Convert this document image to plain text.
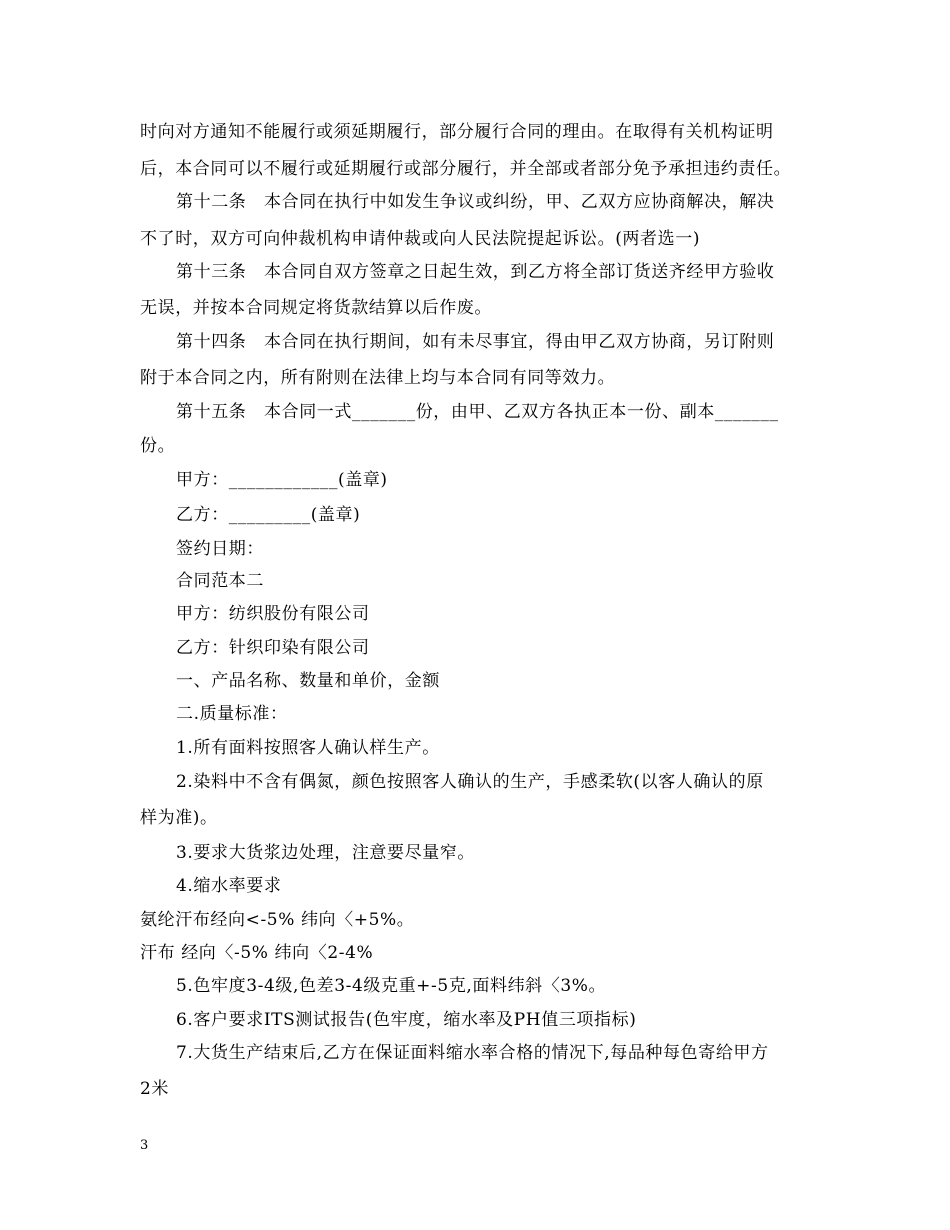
时向对方通知不能履行或须延期履行，部分履行合同的理由。在取得有关机构证明
后，本合同可以不履行或延期履行或部分履行，并全部或者部分免予承担违约责任。
第十二条　本合同在执行中如发生争议或纠纷，甲、乙双方应协商解决，解决
不了时，双方可向仲裁机构申请仲裁或向人民法院提起诉讼。(两者选一)
第十三条　本合同自双方签章之日起生效，到乙方将全部订货送齐经甲方验收
无误，并按本合同规定将货款结算以后作废。
第十四条　本合同在执行期间，如有未尽事宜，得由甲乙双方协商，另订附则
附于本合同之内，所有附则在法律上均与本合同有同等效力。
第十五条　本合同一式_______份，由甲、乙双方各执正本一份、副本_______
份。
甲方：____________(盖章)
乙方：_________(盖章)
签约日期：
合同范本二
甲方：纺织股份有限公司
乙方：针织印染有限公司
一、产品名称、数量和单价，金额
二.质量标准：
1.所有面料按照客人确认样生产。
2.染料中不含有偶氮，颜色按照客人确认的生产，手感柔软(以客人确认的原
样为准)。
3.要求大货浆边处理，注意要尽量窄。
4.缩水率要求
氨纶汗布经向<-5% 纬向〈+5%。
汗布 经向〈-5% 纬向〈2-4%
5.色牢度3-4级,色差3-4级克重+-5克,面料纬斜〈3%。
6.客户要求ITS测试报告(色牢度，缩水率及PH值三项指标)
7.大货生产结束后,乙方在保证面料缩水率合格的情况下,每品种每色寄给甲方
2米
3
